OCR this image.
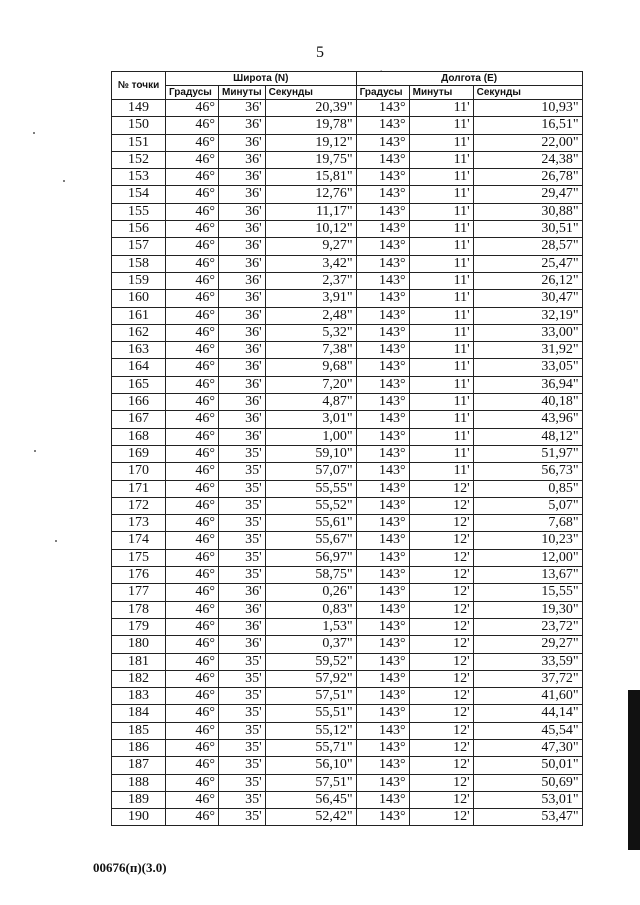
5
`
№ точки	Широта (N)			Долгота (E)		
	Градусы	Минуты	Секунды	Градусы	Минуты	Секунды
149	46°	36'	20,39"	143°	11'	10,93"
150	46°	36'	19,78"	143°	11'	16,51"
151	46°	36'	19,12"	143°	11'	22,00"
152	46°	36'	19,75"	143°	11'	24,38"
153	46°	36'	15,81"	143°	11'	26,78"
154	46°	36'	12,76"	143°	11'	29,47"
155	46°	36'	11,17"	143°	11'	30,88"
156	46°	36'	10,12"	143°	11'	30,51"
157	46°	36'	9,27"	143°	11'	28,57"
158	46°	36'	3,42"	143°	11'	25,47"
159	46°	36'	2,37"	143°	11'	26,12"
160	46°	36'	3,91"	143°	11'	30,47"
161	46°	36'	2,48"	143°	11'	32,19"
162	46°	36'	5,32"	143°	11'	33,00"
163	46°	36'	7,38"	143°	11'	31,92"
164	46°	36'	9,68"	143°	11'	33,05"
165	46°	36'	7,20"	143°	11'	36,94"
166	46°	36'	4,87"	143°	11'	40,18"
167	46°	36'	3,01"	143°	11'	43,96"
168	46°	36'	1,00"	143°	11'	48,12"
169	46°	35'	59,10"	143°	11'	51,97"
170	46°	35'	57,07"	143°	11'	56,73"
171	46°	35'	55,55"	143°	12'	0,85"
172	46°	35'	55,52"	143°	12'	5,07"
173	46°	35'	55,61"	143°	12'	7,68"
174	46°	35'	55,67"	143°	12'	10,23"
175	46°	35'	56,97"	143°	12'	12,00"
176	46°	35'	58,75"	143°	12'	13,67"
177	46°	36'	0,26"	143°	12'	15,55"
178	46°	36'	0,83"	143°	12'	19,30"
179	46°	36'	1,53"	143°	12'	23,72"
180	46°	36'	0,37"	143°	12'	29,27"
181	46°	35'	59,52"	143°	12'	33,59"
182	46°	35'	57,92"	143°	12'	37,72"
183	46°	35'	57,51"	143°	12'	41,60"
184	46°	35'	55,51"	143°	12'	44,14"
185	46°	35'	55,12"	143°	12'	45,54"
186	46°	35'	55,71"	143°	12'	47,30"
187	46°	35'	56,10"	143°	12'	50,01"
188	46°	35'	57,51"	143°	12'	50,69"
189	46°	35'	56,45"	143°	12'	53,01"
190	46°	35'	52,42"	143°	12'	53,47"
00676(п)(3.0)
